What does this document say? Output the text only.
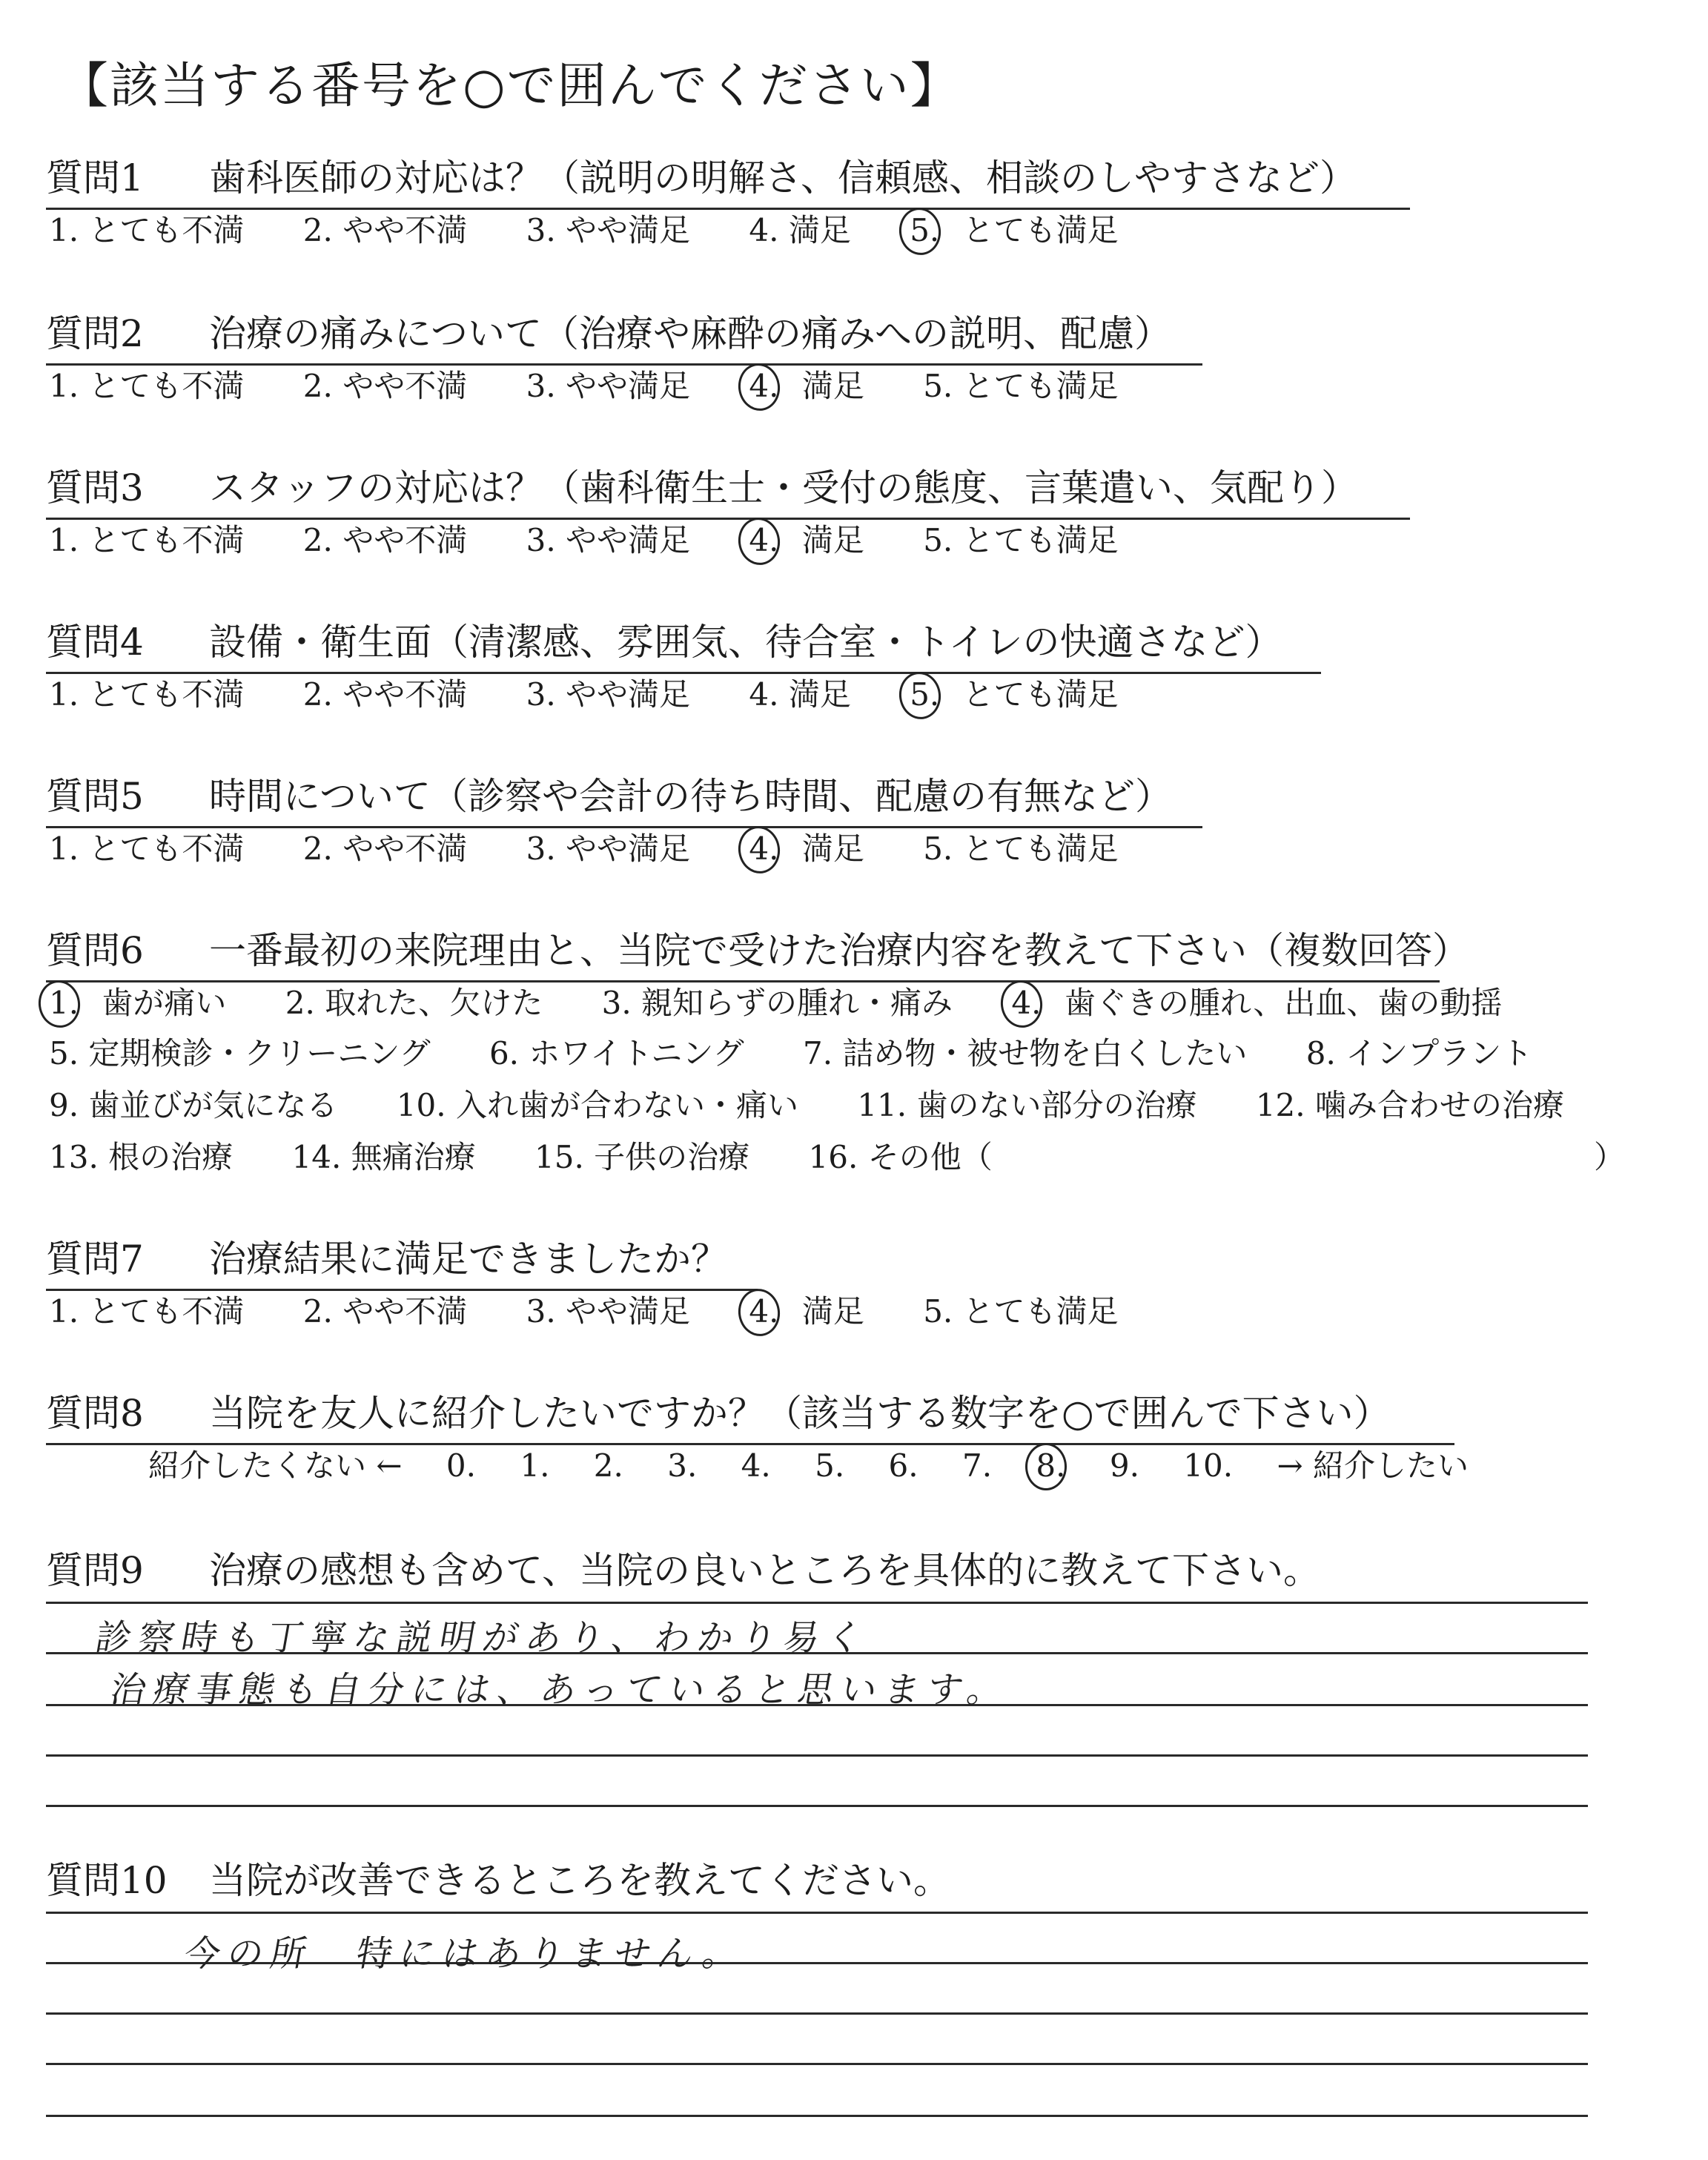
【該当する番号を○で囲んでください】
質問1 歯科医師の対応は？（説明の明解さ、信頼感、相談のしやすさなど）
1. とても不満 2. やや不満 3. やや満足 4. 満足 5. とても満足
質問2 治療の痛みについて（治療や麻酔の痛みへの説明、配慮）
1. とても不満 2. やや不満 3. やや満足 4. 満足 5. とても満足
質問3 スタッフの対応は？（歯科衛生士・受付の態度、言葉遣い、気配り）
1. とても不満 2. やや不満 3. やや満足 4. 満足 5. とても満足
質問4 設備・衛生面（清潔感、雰囲気、待合室・トイレの快適さなど）
1. とても不満 2. やや不満 3. やや満足 4. 満足 5. とても満足
質問5 時間について（診察や会計の待ち時間、配慮の有無など）
1. とても不満 2. やや不満 3. やや満足 4. 満足 5. とても満足
質問6 一番最初の来院理由と、当院で受けた治療内容を教えて下さい（複数回答）
1. 歯が痛い 2. 取れた、欠けた 3. 親知らずの腫れ・痛み 4. 歯ぐきの腫れ、出血、歯の動揺
5. 定期検診・クリーニング 6. ホワイトニング 7. 詰め物・被せ物を白くしたい 8. インプラント
9. 歯並びが気になる 10. 入れ歯が合わない・痛い 11. 歯のない部分の治療 12. 噛み合わせの治療
13. 根の治療 14. 無痛治療 15. 子供の治療 16. その他（	）
質問7 治療結果に満足できましたか？
1. とても不満 2. やや不満 3. やや満足 4. 満足 5. とても満足
質問8 当院を友人に紹介したいですか？（該当する数字を○で囲んで下さい）
紹介したくない ← 0. 1. 2. 3. 4. 5. 6. 7. 8. 9. 10. → 紹介したい
質問9 治療の感想も含めて、当院の良いところを具体的に教えて下さい。
診察時も丁寧な説明があり、わかり易く
治療事態も自分には、あっていると思います。
質問10 当院が改善できるところを教えてください。
今の所　特にはありません。
